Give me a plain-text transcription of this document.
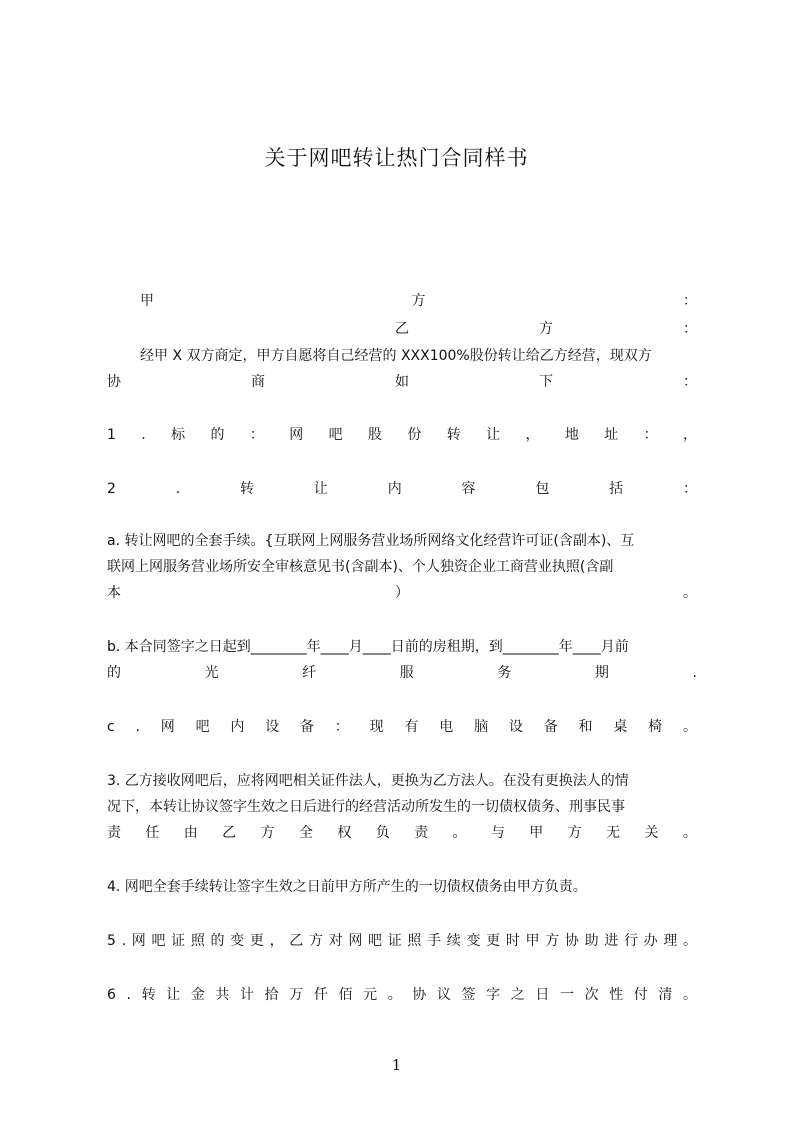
关于网吧转让热门合同样书
甲	方	：
乙	方	：
经甲 X 双方商定，甲方自愿将自己经营的 XXX100%股份转让给乙方经营，现双方
协	商	如	下	：
1 . 标 的 ： 网 吧 股 份 转 让 ， 地 址 ： ，
2	.	转	让	内	容	包	括	：
a. 转让网吧的全套手续。{互联网上网服务营业场所网络文化经营许可证(含副本)、互
联网上网服务营业场所安全审核意见书(含副本)、个人独资企业工商营业执照(含副
本	）	。
b. 本合同签字之日起到________年____月____日前的房租期，到________年____月前
的	光	纤	服	务	期	.
c . 网 吧 内 设 备 ： 现 有 电 脑 设 备 和 桌 椅 。
3. 乙方接收网吧后，应将网吧相关证件法人，更换为乙方法人。在没有更换法人的情
况下，本转让协议签字生效之日后进行的经营活动所发生的一切债权债务、刑事民事
责 任 由 乙 方 全 权 负 责 。 与 甲 方 无 关 。
4. 网吧全套手续转让签字生效之日前甲方所产生的一切债权债务由甲方负责。
5 . 网 吧 证 照 的 变 更 ， 乙 方 对 网 吧 证 照 手 续 变 更 时 甲 方 协 助 进 行 办 理 。
6 . 转 让 金 共 计 拾 万 仟 佰 元 。 协 议 签 字 之 日 一 次 性 付 清 。
1
